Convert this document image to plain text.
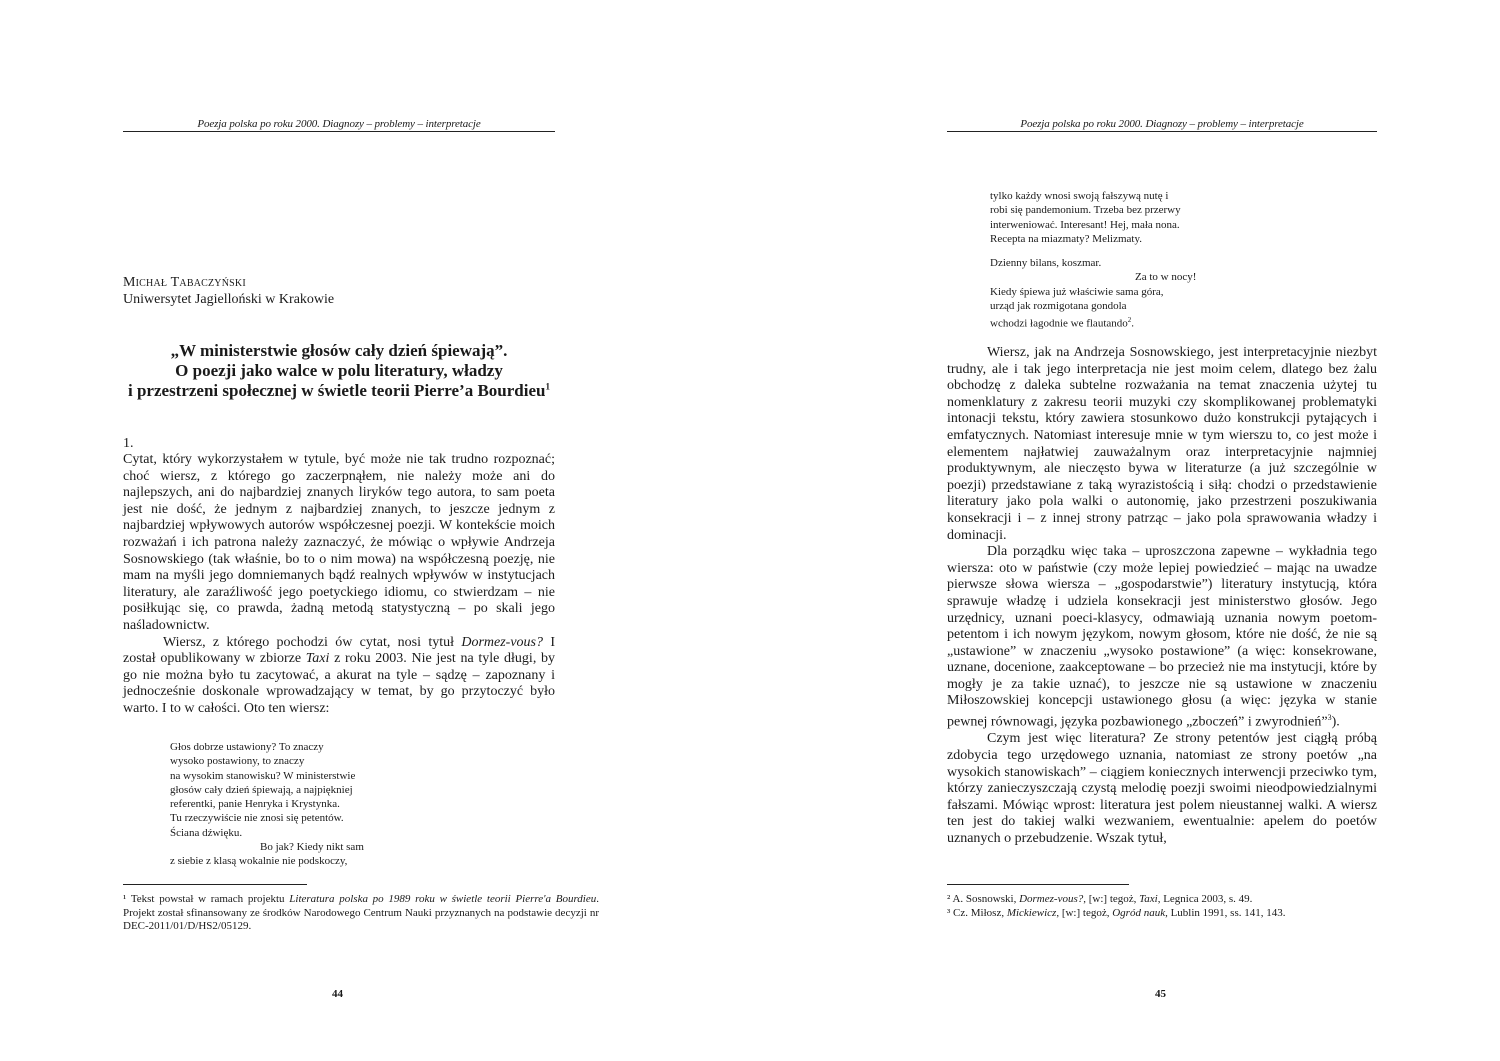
Poezja polska po roku 2000. Diagnozy – problemy – interpretacje
Michał Tabaczyński
Uniwersytet Jagielloński w Krakowie
„W ministerstwie głosów cały dzień śpiewają”.
O poezji jako walce w polu literatury, władzy
i przestrzeni społecznej w świetle teorii Pierre’a Bourdieu$^1$
1.

Cytat, który wykorzystałem w tytule, być może nie tak trudno rozpoznać; choć wiersz, z którego go zaczerpnąłem, nie należy może ani do najlepszych, ani do najbardziej znanych liryków tego autora, to sam poeta jest nie dość, że jednym z najbardziej znanych, to jeszcze jednym z najbardziej wpływowych autorów współczesnej poezji. W kontekście moich rozważań i ich patrona należy zaznaczyć, że mówiąc o wpływie Andrzeja Sosnowskiego (tak właśnie, bo to o nim mowa) na współczesną poezję, nie mam na myśli jego domniemanych bądź realnych wpływów w instytucjach literatury, ale zaraźliwość jego poetyckiego idiomu, co stwierdzam – nie posiłkując się, co prawda, żadną metodą statystyczną – po skali jego naśladownictw.

Wiersz, z którego pochodzi ów cytat, nosi tytuł Dormez-vous? I został opublikowany w zbiorze Taxi z roku 2003. Nie jest na tyle długi, by go nie można było tu zacytować, a akurat na tyle – sądzę – zapoznany i jednocześnie doskonale wprowadzający w temat, by go przytoczyć było warto. I to w całości. Oto ten wiersz:

Głos dobrze ustawiony? To znaczy
wysoko postawiony, to znaczy
na wysokim stanowisku? W ministerstwie
głosów cały dzień śpiewają, a najpiękniej
referentki, panie Henryka i Krystynka.
Tu rzeczywiście nie znosi się petentów.
Ściana dźwięku.
Bo jak? Kiedy nikt sam
z siebie z klasą wokalnie nie podskoczy,

¹ Tekst powstał w ramach projektu Literatura polska po 1989 roku w świetle teorii Pierre'a Bourdieu. Projekt został sfinansowany ze środków Narodowego Centrum Nauki przyznanych na podstawie decyzji nr DEC-2011/01/D/HS2/05129.

44
Poezja polska po roku 2000. Diagnozy – problemy – interpretacje
tylko każdy wnosi swoją fałszywą nutę i
robi się pandemonium. Trzeba bez przerwy
interweniować. Interesant! Hej, mała nona.
Recepta na miazmaty? Melizmaty.
Dzienny bilans, koszmar.
Za to w nocy!
Kiedy śpiewa już właściwie sama góra,
urząd jak rozmigotana gondola
wchodzi łagodnie we flautando$^2$.

Wiersz, jak na Andrzeja Sosnowskiego, jest interpretacyjnie niezbyt trudny, ale i tak jego interpretacja nie jest moim celem, dlatego bez żalu obchodzę z daleka subtelne rozważania na temat znaczenia użytej tu nomenklatury z zakresu teorii muzyki czy skomplikowanej problematyki intonacji tekstu, który zawiera stosunkowo dużo konstrukcji pytających i emfatycznych. Natomiast interesuje mnie w tym wierszu to, co jest może i elementem najłatwiej zauważalnym oraz interpretacyjnie najmniej produktywnym, ale nieczęsto bywa w literaturze (a już szczególnie w poezji) przedstawiane z taką wyrazistością i siłą: chodzi o przedstawienie literatury jako pola walki o autonomię, jako przestrzeni poszukiwania konsekracji i – z innej strony patrząc – jako pola sprawowania władzy i dominacji.

Dla porządku więc taka – uproszczona zapewne – wykładnia tego wiersza: oto w państwie (czy może lepiej powiedzieć – mając na uwadze pierwsze słowa wiersza – „gospodarstwie”) literatury instytucją, która sprawuje władzę i udziela konsekracji jest ministerstwo głosów. Jego urzędnicy, uznani poeci-klasycy, odmawiają uznania nowym poetom-petentom i ich nowym językom, nowym głosom, które nie dość, że nie są „ustawione” w znaczeniu „wysoko postawione” (a więc: konsekrowane, uznane, docenione, zaakceptowane – bo przecież nie ma instytucji, które by mogły je za takie uznać), to jeszcze nie są ustawione w znaczeniu Miłoszowskiej koncepcji ustawionego głosu (a więc: języka w stanie pewnej równowagi, języka pozbawionego „zboczeń” i zwyrodnień”$^3$).

Czym jest więc literatura? Ze strony petentów jest ciągłą próbą zdobycia tego urzędowego uznania, natomiast ze strony poetów „na wysokich stanowiskach” – ciągiem koniecznych interwencji przeciwko tym, którzy zanieczyszczają czystą melodię poezji swoimi nieodpowiedzialnymi fałszami. Mówiąc wprost: literatura jest polem nieustannej walki. A wiersz ten jest do takiej walki wezwaniem, ewentualnie: apelem do poetów uznanych o przebudzenie. Wszak tytuł,

² A. Sosnowski, Dormez-vous?, [w:] tegoż, Taxi, Legnica 2003, s. 49.

³ Cz. Miłosz, Mickiewicz, [w:] tegoż, Ogród nauk, Lublin 1991, ss. 141, 143.

45
